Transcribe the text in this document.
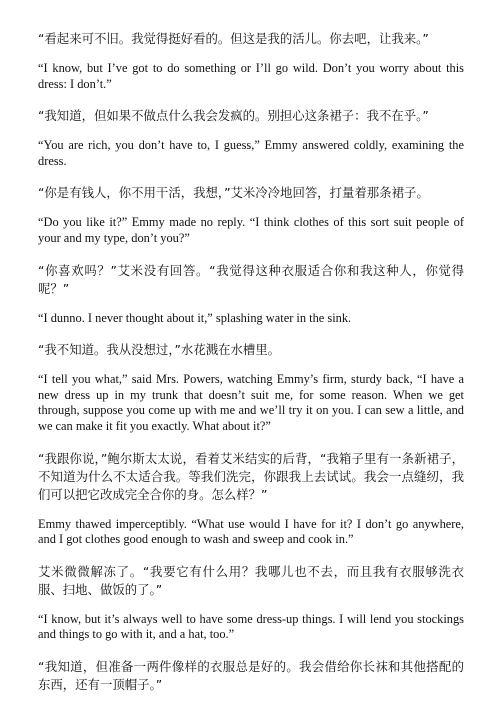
“看起来可不旧。我觉得挺好看的。但这是我的活儿。你去吧，让我来。”

“I know, but I’ve got to do something or I’ll go wild. Don’t you worry about this dress: I don’t.”

“我知道，但如果不做点什么我会发疯的。别担心这条裙子：我不在乎。”

“You are rich, you don’t have to, I guess,” Emmy answered coldly, examining the dress.

“你是有钱人，你不用干活，我想，”艾米冷冷地回答，打量着那条裙子。

“Do you like it?” Emmy made no reply. “I think clothes of this sort suit people of your and my type, don’t you?”

“你喜欢吗？”艾米没有回答。“我觉得这种衣服适合你和我这种人，你觉得呢？”

“I dunno. I never thought about it,” splashing water in the sink.

“我不知道。我从没想过，”水花溅在水槽里。

“I tell you what,” said Mrs. Powers, watching Emmy’s firm, sturdy back, “I have a new dress up in my trunk that doesn’t suit me, for some reason. When we get through, suppose you come up with me and we’ll try it on you. I can sew a little, and we can make it fit you exactly. What about it?”

“我跟你说，”鲍尔斯太太说，看着艾米结实的后背，“我箱子里有一条新裙子，不知道为什么不太适合我。等我们洗完，你跟我上去试试。我会一点缝纫，我们可以把它改成完全合你的身。怎么样？”

Emmy thawed imperceptibly. “What use would I have for it? I don’t go anywhere, and I got clothes good enough to wash and sweep and cook in.”

艾米微微解冻了。“我要它有什么用？我哪儿也不去，而且我有衣服够洗衣服、扫地、做饭的了。”

“I know, but it’s always well to have some dress-up things. I will lend you stockings and things to go with it, and a hat, too.”

“我知道，但准备一两件像样的衣服总是好的。我会借给你长袜和其他搭配的东西，还有一顶帽子。”
